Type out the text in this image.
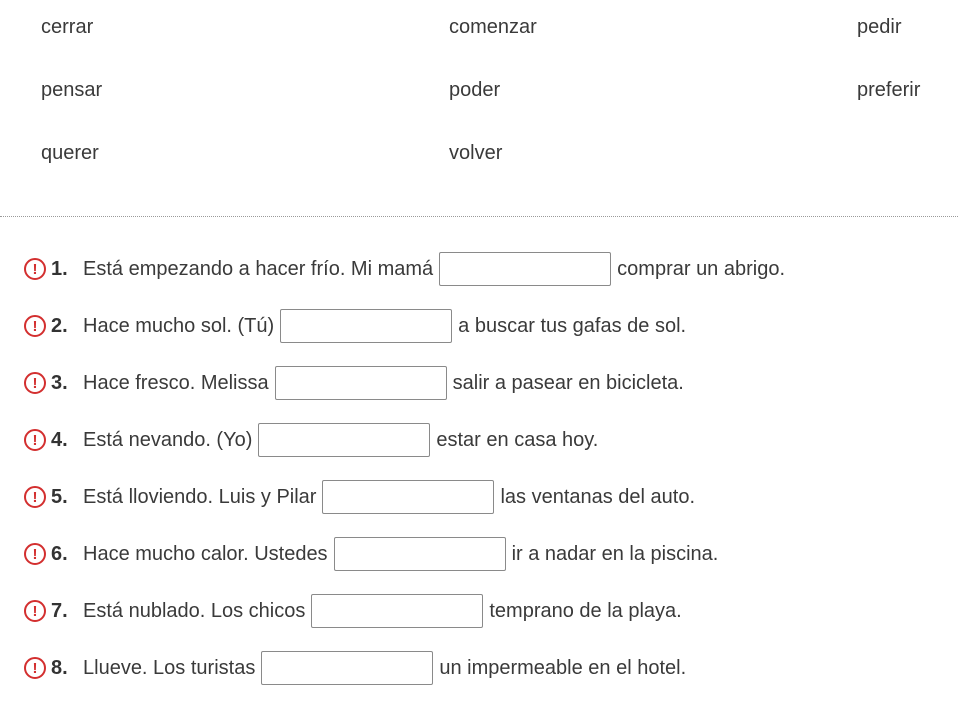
cerrar	comenzar	pedir
pensar	poder	preferir
querer	volver
! 1. Está empezando a hacer frío. Mi mamá	comprar un abrigo.
! 2. Hace mucho sol. (Tú)	a buscar tus gafas de sol.
! 3. Hace fresco. Melissa	salir a pasear en bicicleta.
! 4. Está nevando. (Yo)	estar en casa hoy.
! 5. Está lloviendo. Luis y Pilar	las ventanas del auto.
! 6. Hace mucho calor. Ustedes	ir a nadar en la piscina.
! 7. Está nublado. Los chicos	temprano de la playa.
! 8. Llueve. Los turistas	un impermeable en el hotel.
